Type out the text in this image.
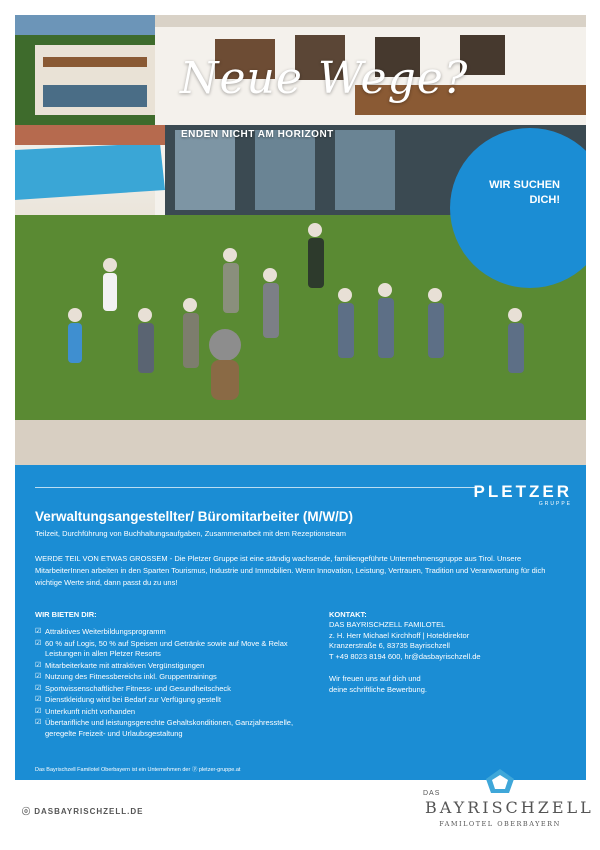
Neue Wege?
ENDEN NICHT AM HORIZONT
WIR SUCHEN DICH!
PLETZER
GRUPPE
Verwaltungsangestellter/ Büromitarbeiter (M/W/D)
Teilzeit, Durchführung von Buchhaltungsaufgaben, Zusammenarbeit mit dem Rezeptionsteam
WERDE TEIL VON ETWAS GROSSEM - Die Pletzer Gruppe ist eine ständig wachsende, familiengeführte Unternehmensgruppe aus Tirol. Unsere MitarbeiterInnen arbeiten in den Sparten Tourismus, Industrie und Immobilien. Wenn Innovation, Leistung, Vertrauen, Tradition und Verantwortung für dich wichtige Werte sind, dann passt du zu uns!
WIR BIETEN DIR:
☑ Attraktives Weiterbildungsprogramm
☑ 60 % auf Logis, 50 % auf Speisen und Getränke sowie auf Move & Relax Leistungen in allen Pletzer Resorts
☑ Mitarbeiterkarte mit attraktiven Vergünstigungen
☑ Nutzung des Fitnessbereichs inkl. Gruppentrainings
☑ Sportwissenschaftlicher Fitness- und Gesundheitscheck
☑ Dienstkleidung wird bei Bedarf zur Verfügung gestellt
☑ Unterkunft nicht vorhanden
☑ Übertarifliche und leistungsgerechte Gehaltskonditionen, Ganzjahresstelle, geregelte Freizeit- und Urlaubsgestaltung
KONTAKT:
DAS BAYRISCHZELL FAMILOTEL
z. H. Herr Michael Kirchhoff | Hoteldirektor
Kranzerstraße 6, 83735 Bayrischzell
T +49 8023 8194 600, hr@dasbayrischzell.de
Wir freuen uns auf dich und
deine schriftliche Bewerbung.
Das Bayrischzell Familotel Oberbayern ist ein Unternehmen der ⓟ pletzer-gruppe.at
ⓞ DASBAYRISCHZELL.DE
DAS
BAYRISCHZELL
FAMILOTEL OBERBAYERN
